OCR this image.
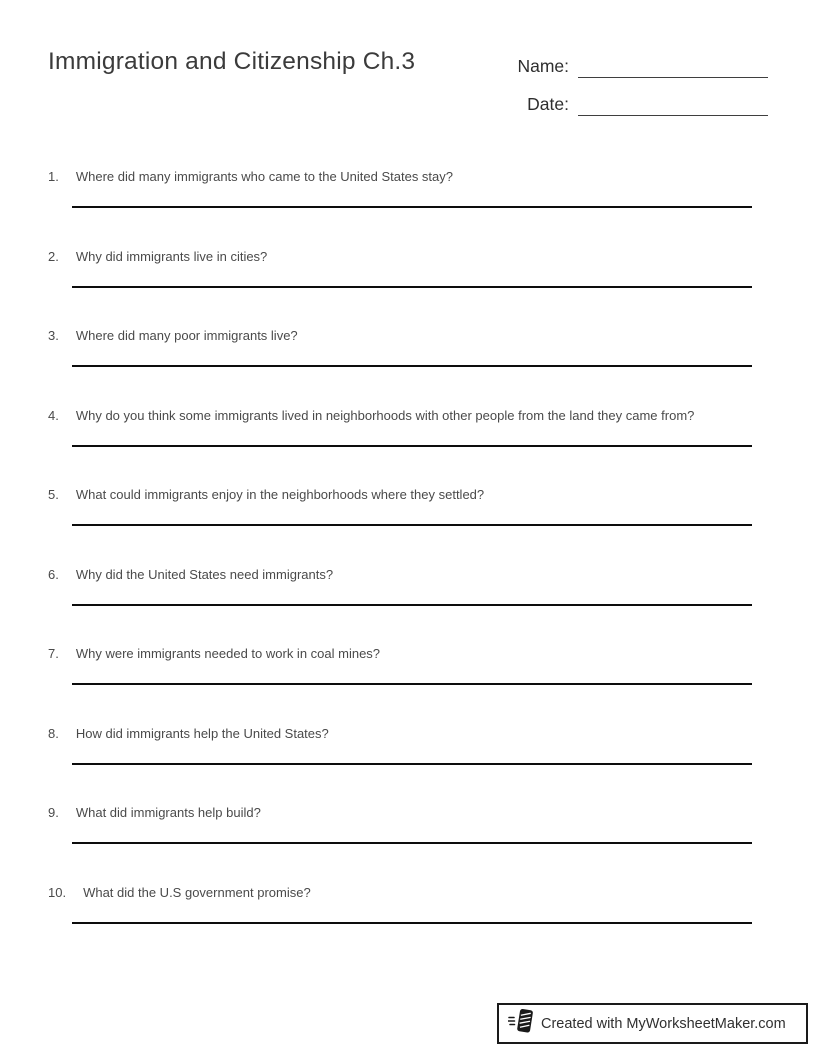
Immigration and Citizenship Ch.3	Name:
Date:
1. Where did many immigrants who came to the United States stay?
2. Why did immigrants live in cities?
3. Where did many poor immigrants live?
4. Why do you think some immigrants lived in neighborhoods with other people from the land they came from?
5. What could immigrants enjoy in the neighborhoods where they settled?
6. Why did the United States need immigrants?
7. Why were immigrants needed to work in coal mines?
8. How did immigrants help the United States?
9. What did immigrants help build?
10. What did the U.S government promise?
Created with MyWorksheetMaker.com
